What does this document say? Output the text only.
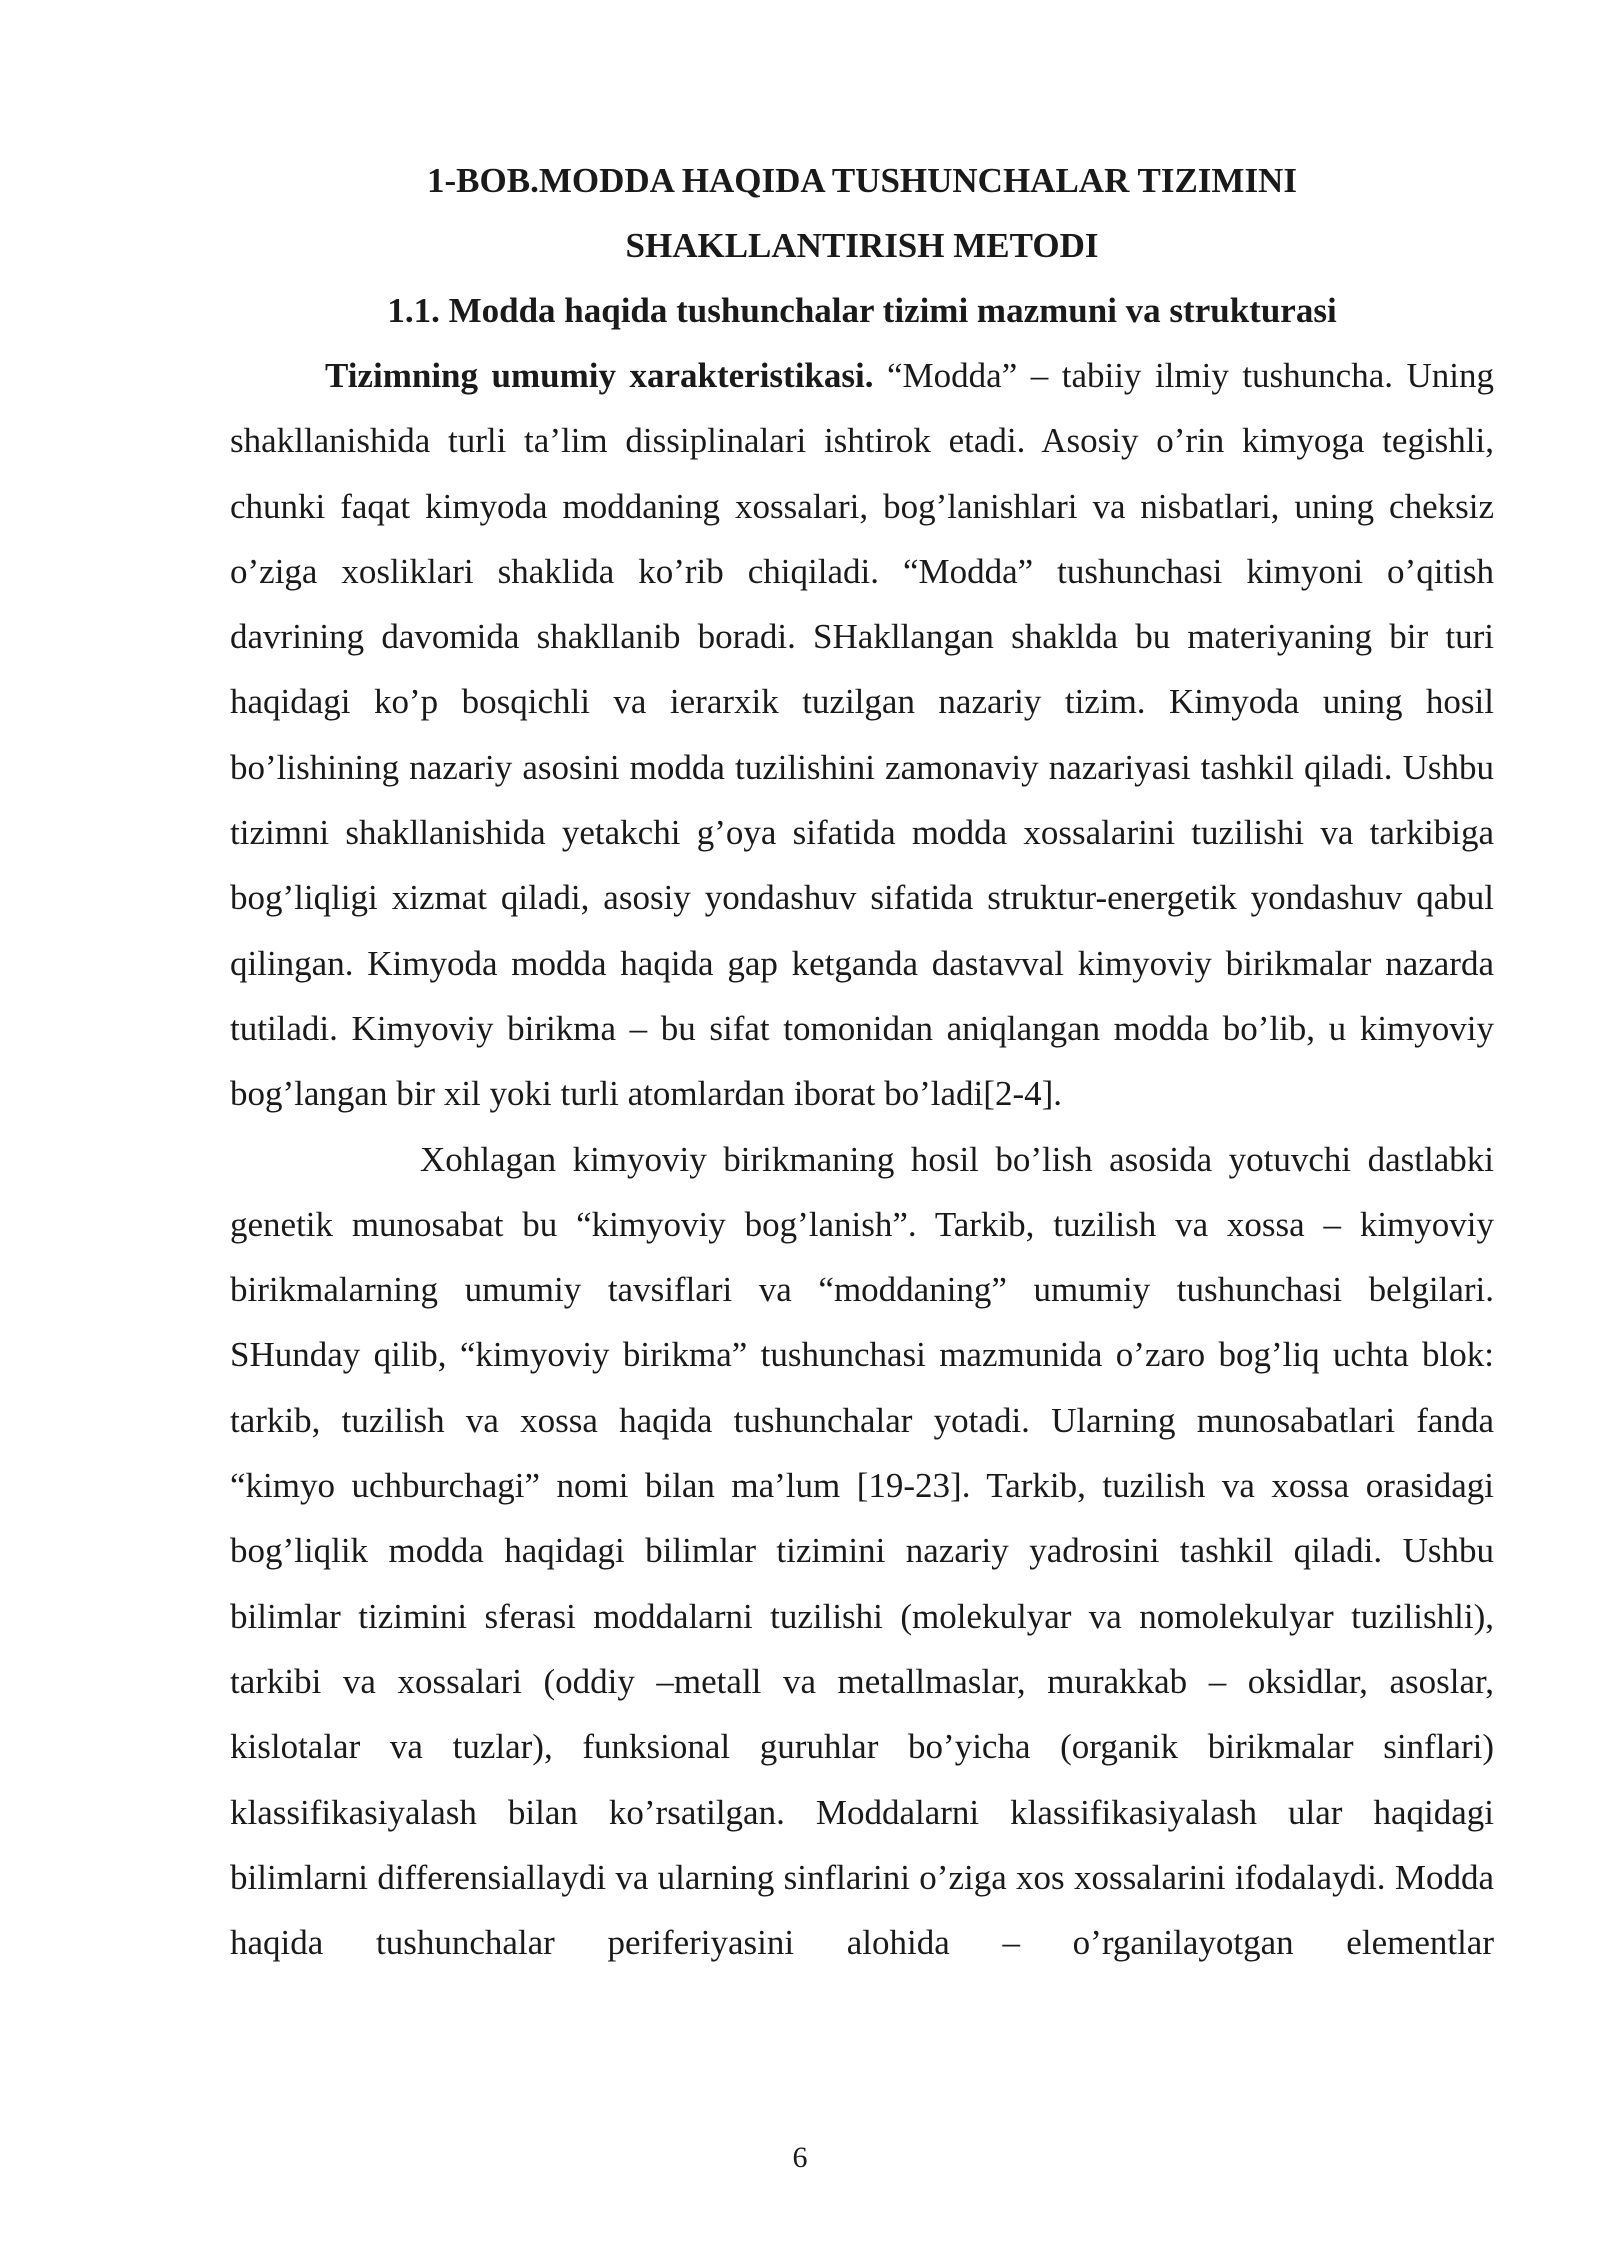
1-BOB.MODDA HAQIDA TUSHUNCHALAR TIZIMINI

SHAKLLANTIRISH METODI

1.1. Modda haqida tushunchalar tizimi mazmuni va strukturasi

Tizimning umumiy xarakteristikasi. “Modda” – tabiiy ilmiy tushuncha. Uning shakllanishida turli ta’lim dissiplinalari ishtirok etadi. Asosiy o’rin kimyoga tegishli, chunki faqat kimyoda moddaning xossalari, bog’lanishlari va nisbatlari, uning cheksiz o’ziga xosliklari shaklida ko’rib chiqiladi. “Modda” tushunchasi kimyoni o’qitish davrining davomida shakllanib boradi. SHakllangan shaklda bu materiyaning bir turi haqidagi ko’p bosqichli va ierarxik tuzilgan nazariy tizim. Kimyoda uning hosil bo’lishining nazariy asosini modda tuzilishini zamonaviy nazariyasi tashkil qiladi. Ushbu tizimni shakllanishida yetakchi g’oya sifatida modda xossalarini tuzilishi va tarkibiga bog’liqligi xizmat qiladi, asosiy yondashuv sifatida struktur-energetik yondashuv qabul qilingan. Kimyoda modda haqida gap ketganda dastavval kimyoviy birikmalar nazarda tutiladi. Kimyoviy birikma – bu sifat tomonidan aniqlangan modda bo’lib, u kimyoviy bog’langan bir xil yoki turli atomlardan iborat bo’ladi[2-4].

Xohlagan kimyoviy birikmaning hosil bo’lish asosida yotuvchi dastlabki genetik munosabat bu “kimyoviy bog’lanish”. Tarkib, tuzilish va xossa – kimyoviy birikmalarning umumiy tavsiflari va “moddaning” umumiy tushunchasi belgilari. SHunday qilib, “kimyoviy birikma” tushunchasi mazmunida o’zaro bog’liq uchta blok: tarkib, tuzilish va xossa haqida tushunchalar yotadi. Ularning munosabatlari fanda “kimyo uchburchagi” nomi bilan ma’lum [19-23]. Tarkib, tuzilish va xossa orasidagi bog’liqlik modda haqidagi bilimlar tizimini nazariy yadrosini tashkil qiladi. Ushbu bilimlar tizimini sferasi moddalarni tuzilishi (molekulyar va nomolekulyar tuzilishli), tarkibi va xossalari (oddiy –metall va metallmaslar, murakkab – oksidlar, asoslar, kislotalar va tuzlar), funksional guruhlar bo’yicha (organik birikmalar sinflari) klassifikasiyalash bilan ko’rsatilgan. Moddalarni klassifikasiyalash ular haqidagi bilimlarni differensiallaydi va ularning sinflarini o’ziga xos xossalarini ifodalaydi. Modda haqida tushunchalar periferiyasini alohida – o’rganilayotgan elementlar

6
